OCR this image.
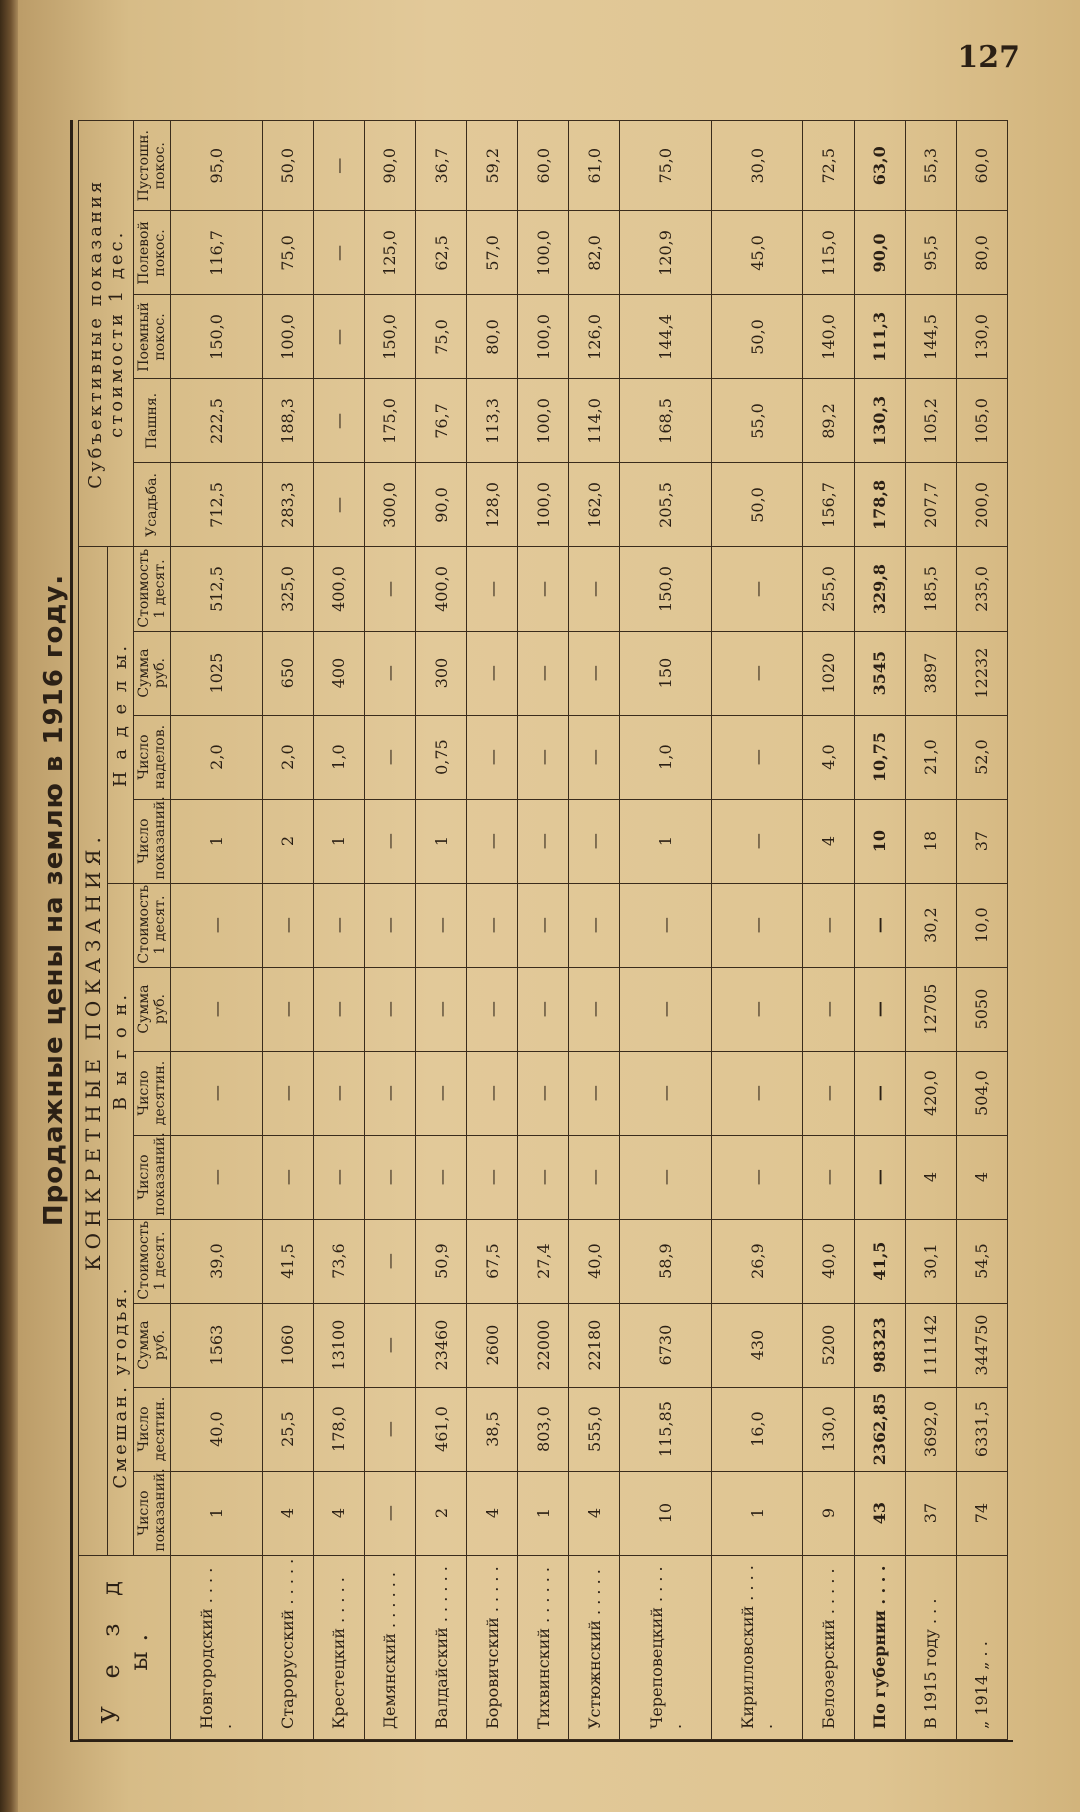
127
Продажные цены на землю в 1916 году.
У е з д ы.	КОНКРЕТНЫЕ ПОКАЗАНИЯ.												Субъективные показания стоимости 1 дес.				
	Смешан. угодья.				В ы г о н.				Н а д е л ы.								
	Число показаний.	Число десятин.	Сумма руб.	Стоимость 1 десят.	Число показаний.	Число десятин.	Сумма руб.	Стоимость 1 десят.	Число показаний.	Число наделов.	Сумма руб.	Стоимость 1 десят.	Усадьба.	Пашня.	Поемный покос.	Полевой покос.	Пустошн. покос.
Новгородский . . . . .	1	40,0	1563	39,0	—	—	—	—	1	2,0	1025	512,5	712,5	222,5	150,0	116,7	95,0
Старорусский . . . . .	4	25,5	1060	41,5	—	—	—	—	2	2,0	650	325,0	283,3	188,3	100,0	75,0	50,0
Крестецкий . . . . .	4	178,0	13100	73,6	—	—	—	—	1	1,0	400	400,0	—	—	—	—	—
Демянский . . . . . .	—	—	—	—	—	—	—	—	—	—	—	—	300,0	175,0	150,0	125,0	90,0
Валдайский . . . . . .	2	461,0	23460	50,9	—	—	—	—	1	0,75	300	400,0	90,0	76,7	75,0	62,5	36,7
Боровичский . . . . .	4	38,5	2600	67,5	—	—	—	—	—	—	—	—	128,0	113,3	80,0	57,0	59,2
Тихвинский . . . . . .	1	803,0	22000	27,4	—	—	—	—	—	—	—	—	100,0	100,0	100,0	100,0	60,0
Устюжнский . . . . .	4	555,0	22180	40,0	—	—	—	—	—	—	—	—	162,0	114,0	126,0	82,0	61,0
Череповецкий . . . . .	10	115,85	6730	58,9	—	—	—	—	1	1,0	150	150,0	205,5	168,5	144,4	120,9	75,0
Кирилловский . . . . .	1	16,0	430	26,9	—	—	—	—	—	—	—	—	50,0	55,0	50,0	45,0	30,0
Белозерский . . . . .	9	130,0	5200	40,0	—	—	—	—	4	4,0	1020	255,0	156,7	89,2	140,0	115,0	72,5
По губернии . . . .	43	2362,85	98323	41,5	—	—	—	—	10	10,75	3545	329,8	178,8	130,3	111,3	90,0	63,0
В 1915 году . . .	37	3692,0	111142	30,1	4	420,0	12705	30,2	18	21,0	3897	185,5	207,7	105,2	144,5	95,5	55,3
„ 1914 „ . .	74	6331,5	344750	54,5	4	504,0	5050	10,0	37	52,0	12232	235,0	200,0	105,0	130,0	80,0	60,0
